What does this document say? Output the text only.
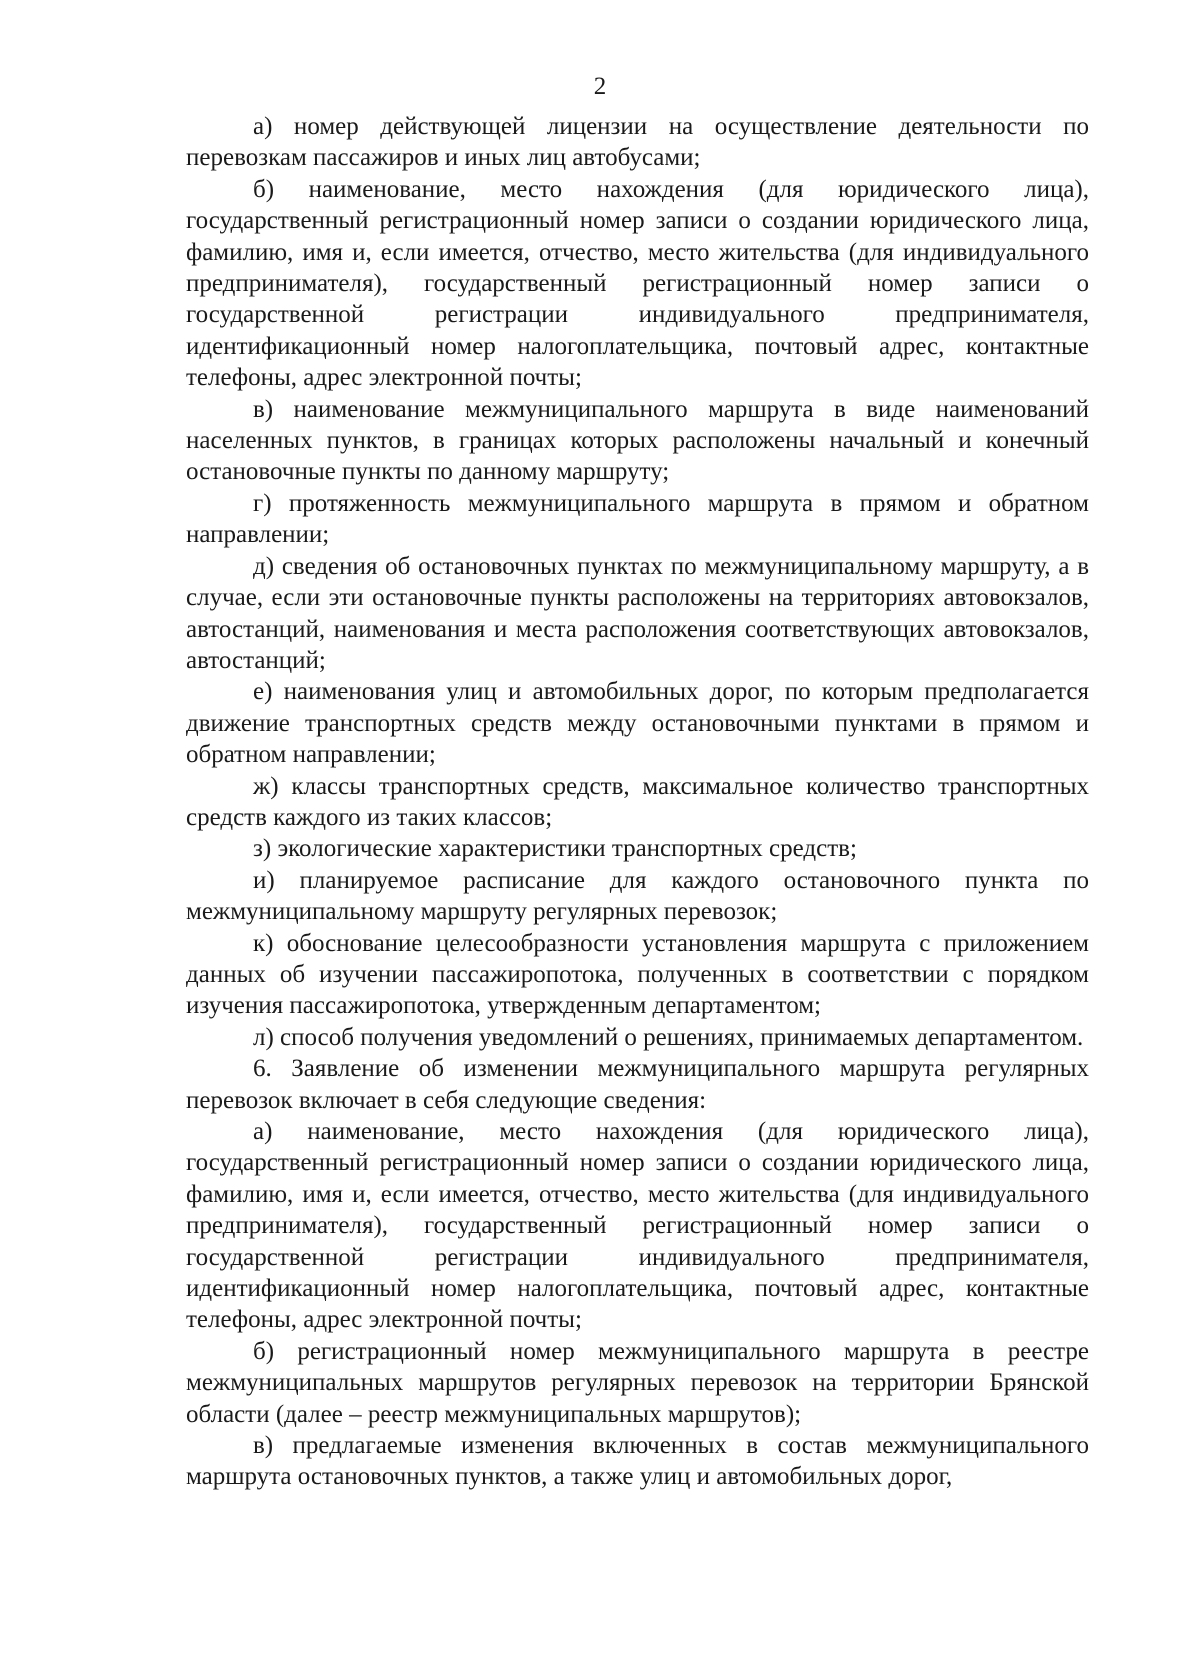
2

а) номер действующей лицензии на осуществление деятельности по перевозкам пассажиров и иных лиц автобусами;

б) наименование, место нахождения (для юридического лица), государственный регистрационный номер записи о создании юридического лица, фамилию, имя и, если имеется, отчество, место жительства (для индивидуального предпринимателя), государственный регистрационный номер записи о государственной регистрации индивидуального предпринимателя, идентификационный номер налогоплательщика, почтовый адрес, контактные телефоны, адрес электронной почты;

в) наименование межмуниципального маршрута в виде наименований населенных пунктов, в границах которых расположены начальный и конечный остановочные пункты по данному маршруту;

г) протяженность межмуниципального маршрута в прямом и обратном направлении;

д) сведения об остановочных пунктах по межмуниципальному маршруту, а в случае, если эти остановочные пункты расположены на территориях автовокзалов, автостанций, наименования и места расположения соответствующих автовокзалов, автостанций;

е) наименования улиц и автомобильных дорог, по которым предполагается движение транспортных средств между остановочными пунктами в прямом и обратном направлении;

ж) классы транспортных средств, максимальное количество транспортных средств каждого из таких классов;

з) экологические характеристики транспортных средств;

и) планируемое расписание для каждого остановочного пункта по межмуниципальному маршруту регулярных перевозок;

к) обоснование целесообразности установления маршрута с приложением данных об изучении пассажиропотока, полученных в соответствии с порядком изучения пассажиропотока, утвержденным департаментом;

л) способ получения уведомлений о решениях, принимаемых департаментом.

6. Заявление об изменении межмуниципального маршрута регулярных перевозок включает в себя следующие сведения:

а) наименование, место нахождения (для юридического лица), государственный регистрационный номер записи о создании юридического лица, фамилию, имя и, если имеется, отчество, место жительства (для индивидуального предпринимателя), государственный регистрационный номер записи о государственной регистрации индивидуального предпринимателя, идентификационный номер налогоплательщика, почтовый адрес, контактные телефоны, адрес электронной почты;

б) регистрационный номер межмуниципального маршрута в реестре межмуниципальных маршрутов регулярных перевозок на территории Брянской области (далее – реестр межмуниципальных маршрутов);

в) предлагаемые изменения включенных в состав межмуниципального маршрута остановочных пунктов, а также улиц и автомобильных дорог,
